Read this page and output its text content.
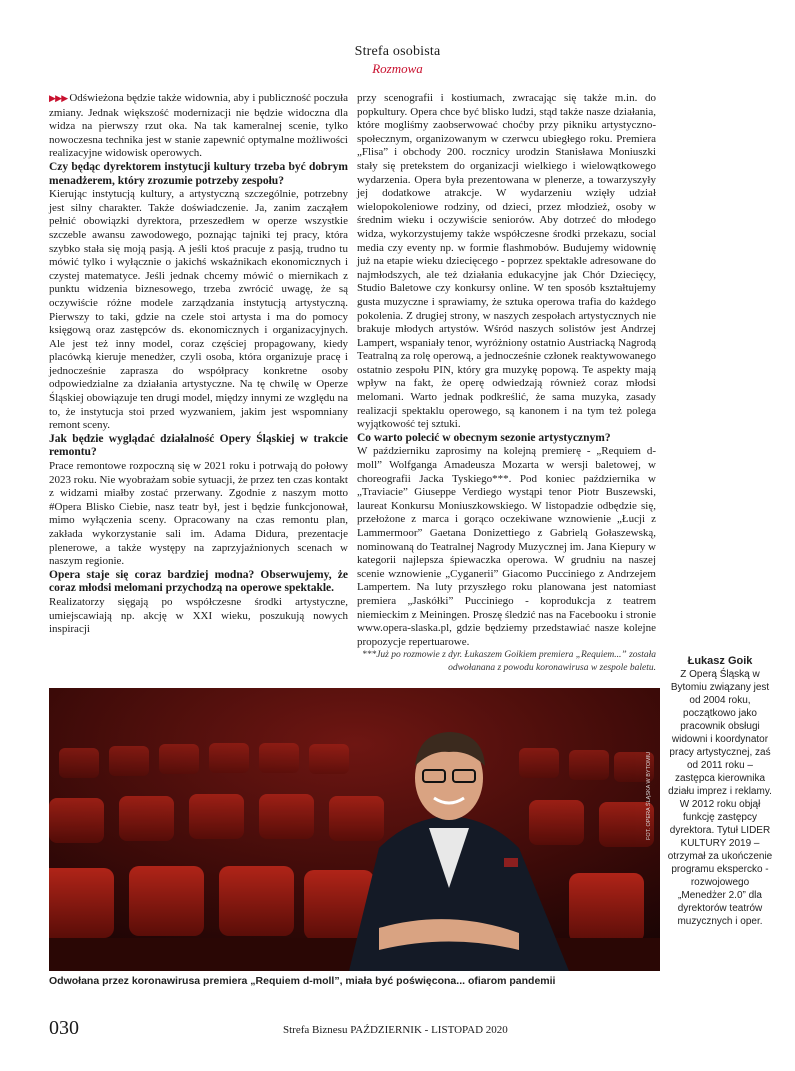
Strefa osobista
Rozmowa

▶▶▶ Odświeżona będzie także widownia, aby i publiczność poczuła zmiany. Jednak większość modernizacji nie będzie widoczna dla widza na pierwszy rzut oka. Na tak kameralnej scenie, tylko nowoczesna technika jest w stanie zapewnić optymalne możliwości realizacyjne widowisk operowych.

Czy będąc dyrektorem instytucji kultury trzeba być dobrym menadżerem, który zrozumie potrzeby zespołu?

Kierując instytucją kultury, a artystyczną szczególnie, potrzebny jest silny charakter. Także doświadczenie. Ja, zanim zacząłem pełnić obowiązki dyrektora, przeszedłem w operze wszystkie szczeble awansu zawodowego, poznając tajniki tej pracy, która szybko stała się moją pasją. A jeśli ktoś pracuje z pasją, trudno tu mówić tylko i wyłącznie o jakichś wskaźnikach ekonomicznych i czystej matematyce. Jeśli jednak chcemy mówić o miernikach z punktu widzenia biznesowego, trzeba zwrócić uwagę, że są oczywiście różne modele zarządzania instytucją artystyczną. Pierwszy to taki, gdzie na czele stoi artysta i ma do pomocy księgową oraz zastępców ds. ekonomicznych i organizacyjnych. Ale jest też inny model, coraz częściej propagowany, kiedy placówką kieruje menedżer, czyli osoba, która organizuje pracę i jednocześnie zaprasza do współpracy konkretne osoby odpowiedzialne za działania artystyczne. Na tę chwilę w Operze Śląskiej obowiązuje ten drugi model, między innymi ze względu na to, że instytucja stoi przed wyzwaniem, jakim jest wspomniany remont sceny.

Jak będzie wyglądać działalność Opery Śląskiej w trakcie remontu?

Prace remontowe rozpoczną się w 2021 roku i potrwają do połowy 2023 roku. Nie wyobrażam sobie sytuacji, że przez ten czas kontakt z widzami miałby zostać przerwany. Zgodnie z naszym motto #Opera Blisko Ciebie, nasz teatr był, jest i będzie funkcjonował, mimo wyłączenia sceny. Opracowany na czas remontu plan, zakłada wykorzystanie sali im. Adama Didura, prezentacje plenerowe, a także występy na zaprzyjaźnionych scenach w naszym regionie.

Opera staje się coraz bardziej modna? Obserwujemy, że coraz młodsi melomani przychodzą na operowe spektakle.

Realizatorzy sięgają po współczesne środki artystyczne, umiejscawiają np. akcję w XXI wieku, poszukują nowych inspiracji

przy scenografii i kostiumach, zwracając się także m.in. do popkultury. Opera chce być blisko ludzi, stąd także nasze działania, które mogliśmy zaobserwować choćby przy pikniku artystyczno-społecznym, organizowanym w czerwcu ubiegłego roku. Premiera „Flisa” i obchody 200. rocznicy urodzin Stanisława Moniuszki stały się pretekstem do organizacji wielkiego i wielowątkowego wydarzenia. Opera była prezentowana w plenerze, a towarzyszyły jej dodatkowe atrakcje. W wydarzeniu wzięły udział wielopokoleniowe rodziny, od dzieci, przez młodzież, osoby w średnim wieku i oczywiście seniorów. Aby dotrzeć do młodego widza, wykorzystujemy także współczesne środki przekazu, social media czy eventy np. w formie flashmobów. Budujemy widownię już na etapie wieku dziecięcego - poprzez spektakle adresowane do najmłodszych, ale też działania edukacyjne jak Chór Dziecięcy, Studio Baletowe czy konkursy online. W ten sposób kształtujemy gusta muzyczne i sprawiamy, że sztuka operowa trafia do każdego pokolenia. Z drugiej strony, w naszych zespołach artystycznych nie brakuje młodych artystów. Wśród naszych solistów jest Andrzej Lampert, wspaniały tenor, wyróżniony ostatnio Austriacką Nagrodą Teatralną za rolę operową, a jednocześnie członek reaktywowanego ostatnio zespołu PIN, który gra muzykę popową. Te aspekty mają wpływ na fakt, że operę odwiedzają również coraz młodsi melomani. Warto jednak podkreślić, że sama muzyka, zasady realizacji spektaklu operowego, są kanonem i na tym też polega wyjątkowość tej sztuki.

Co warto polecić w obecnym sezonie artystycznym?

W październiku zaprosimy na kolejną premierę - „Requiem d-moll” Wolfganga Amadeusza Mozarta w wersji baletowej, w choreografii Jacka Tyskiego***. Pod koniec października w „Traviacie” Giuseppe Verdiego wystąpi tenor Piotr Buszewski, laureat Konkursu Moniuszkowskiego. W listopadzie odbędzie się, przełożone z marca i gorąco oczekiwane wznowienie „Łucji z Lammermoor” Gaetana Donizettiego z Gabrielą Gołaszewską, nominowaną do Teatralnej Nagrody Muzycznej im. Jana Kiepury w kategorii najlepsza śpiewaczka operowa. W grudniu na naszej scenie wznowienie „Cyganerii” Giacomo Pucciniego z Andrzejem Lampertem. Na luty przyszłego roku planowana jest natomiast premiera „Jaskółki” Pucciniego - koprodukcja z teatrem niemieckim z Meiningen. Proszę śledzić nas na Facebooku i stronie www.opera-slaska.pl, gdzie będziemy przedstawiać nasze kolejne propozycje repertuarowe.

***Już po rozmowie z dyr. Łukaszem Goikiem premiera „Requiem...” została odwołanana z powodu koronawirusa w zespole baletu.

FOT. OPERA ŚLĄSKA W BYTOMIU
Odwołana przez koronawirusa premiera „Requiem d-moll”, miała być poświęcona... ofiarom pandemii
Łukasz Goik
Z Operą Śląską w Bytomiu związany jest od 2004 roku, początkowo jako pracownik obsługi widowni i koordynator pracy artystycznej, zaś od 2011 roku – zastępca kierownika działu imprez i reklamy. W 2012 roku objął funkcję zastępcy dyrektora. Tytuł LIDER KULTURY 2019 – otrzymał za ukończenie programu ekspercko - rozwojowego „Menedżer 2.0” dla dyrektorów teatrów muzycznych i oper.
030	Strefa Biznesu PAŹDZIERNIK - LISTOPAD 2020
